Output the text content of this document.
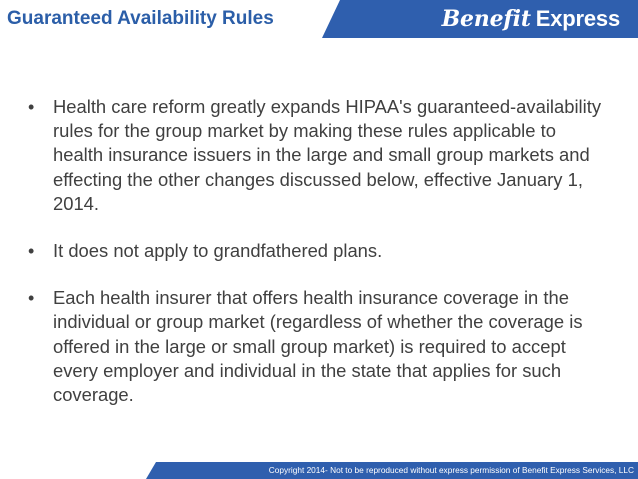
Guaranteed Availability Rules	Benefit Express
• Health care reform greatly expands HIPAA's guaranteed-availability rules for the group market by making these rules applicable to health insurance issuers in the large and small group markets and effecting the other changes discussed below, effective January 1, 2014.
• It does not apply to grandfathered plans.
• Each health insurer that offers health insurance coverage in the individual or group market (regardless of whether the coverage is offered in the large or small group market) is required to accept every employer and individual in the state that applies for such coverage.
Copyright 2014- Not to be reproduced without express permission of Benefit Express Services, LLC
